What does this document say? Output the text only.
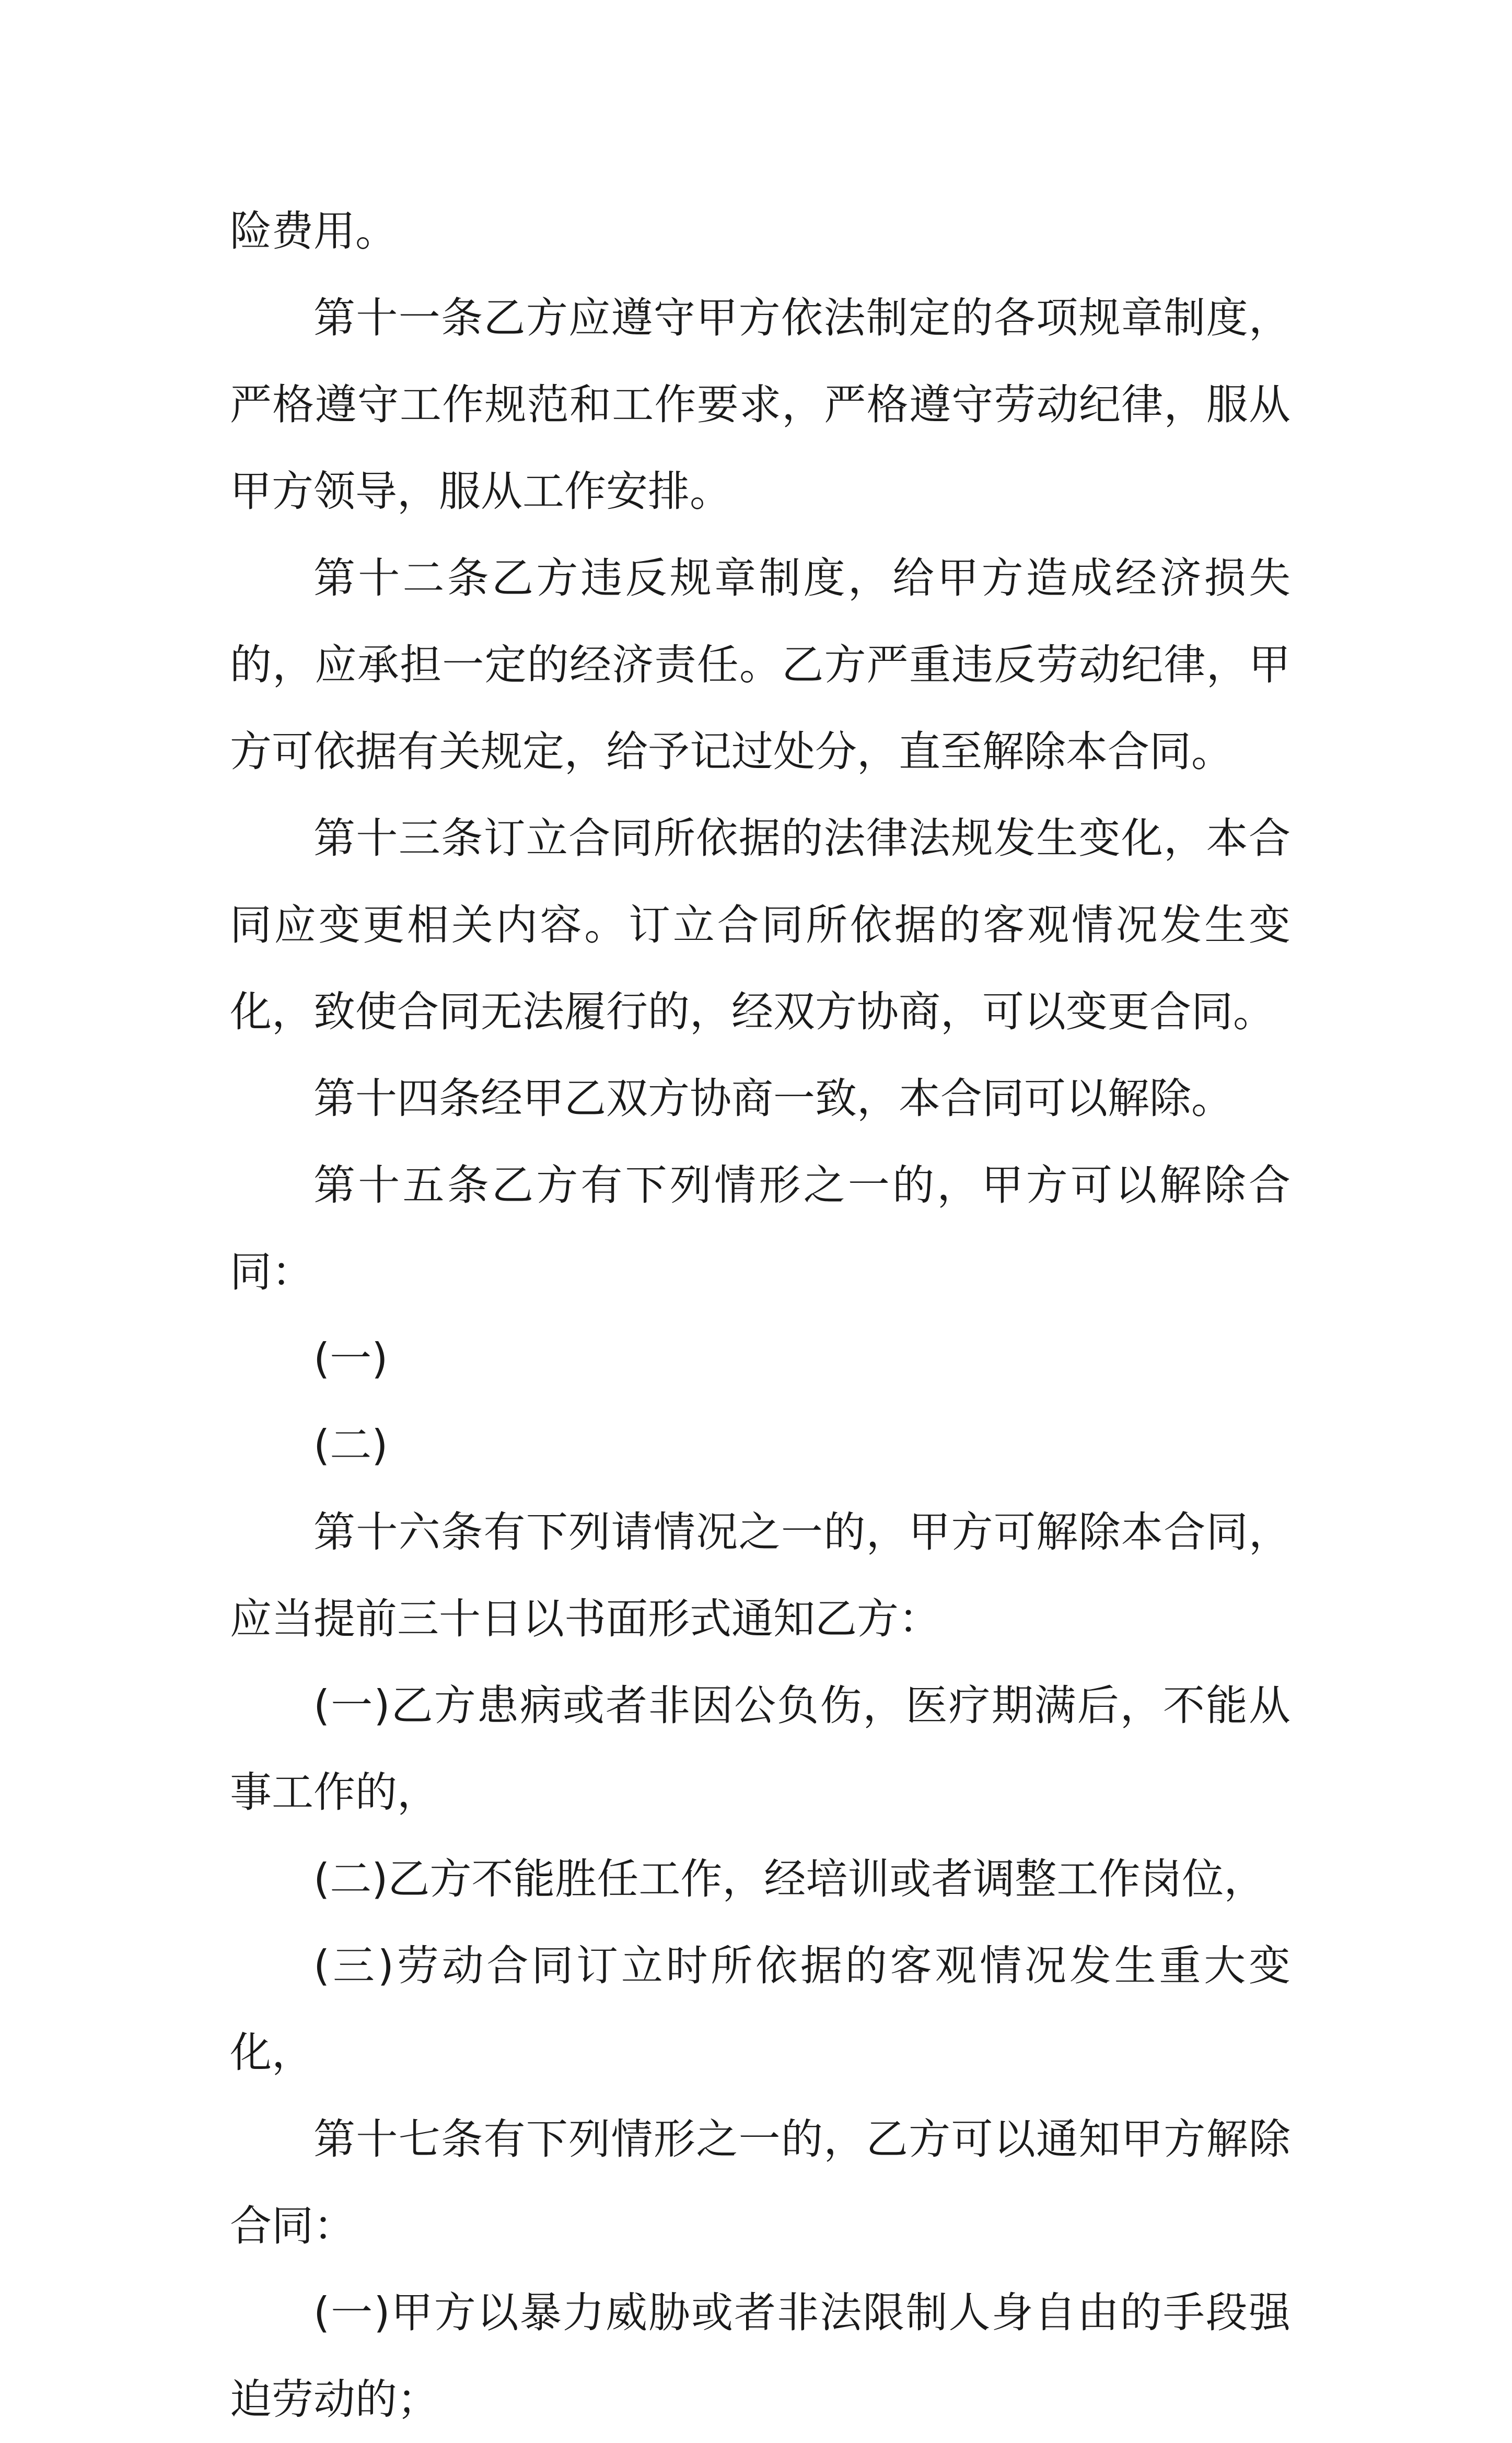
险费用。

第十一条乙方应遵守甲方依法制定的各项规章制度，严格遵守工作规范和工作要求，严格遵守劳动纪律，服从甲方领导，服从工作安排。

第十二条乙方违反规章制度，给甲方造成经济损失的，应承担一定的经济责任。乙方严重违反劳动纪律，甲方可依据有关规定，给予记过处分，直至解除本合同。

第十三条订立合同所依据的法律法规发生变化，本合同应变更相关内容。订立合同所依据的客观情况发生变化，致使合同无法履行的，经双方协商，可以变更合同。

第十四条经甲乙双方协商一致，本合同可以解除。

第十五条乙方有下列情形之一的，甲方可以解除合同：

(一)

(二)

第十六条有下列请情况之一的，甲方可解除本合同，应当提前三十日以书面形式通知乙方：

(一)乙方患病或者非因公负伤，医疗期满后，不能从事工作的，

(二)乙方不能胜任工作，经培训或者调整工作岗位，

(三)劳动合同订立时所依据的客观情况发生重大变化，

第十七条有下列情形之一的，乙方可以通知甲方解除合同：

(一)甲方以暴力威胁或者非法限制人身自由的手段强迫劳动的；
